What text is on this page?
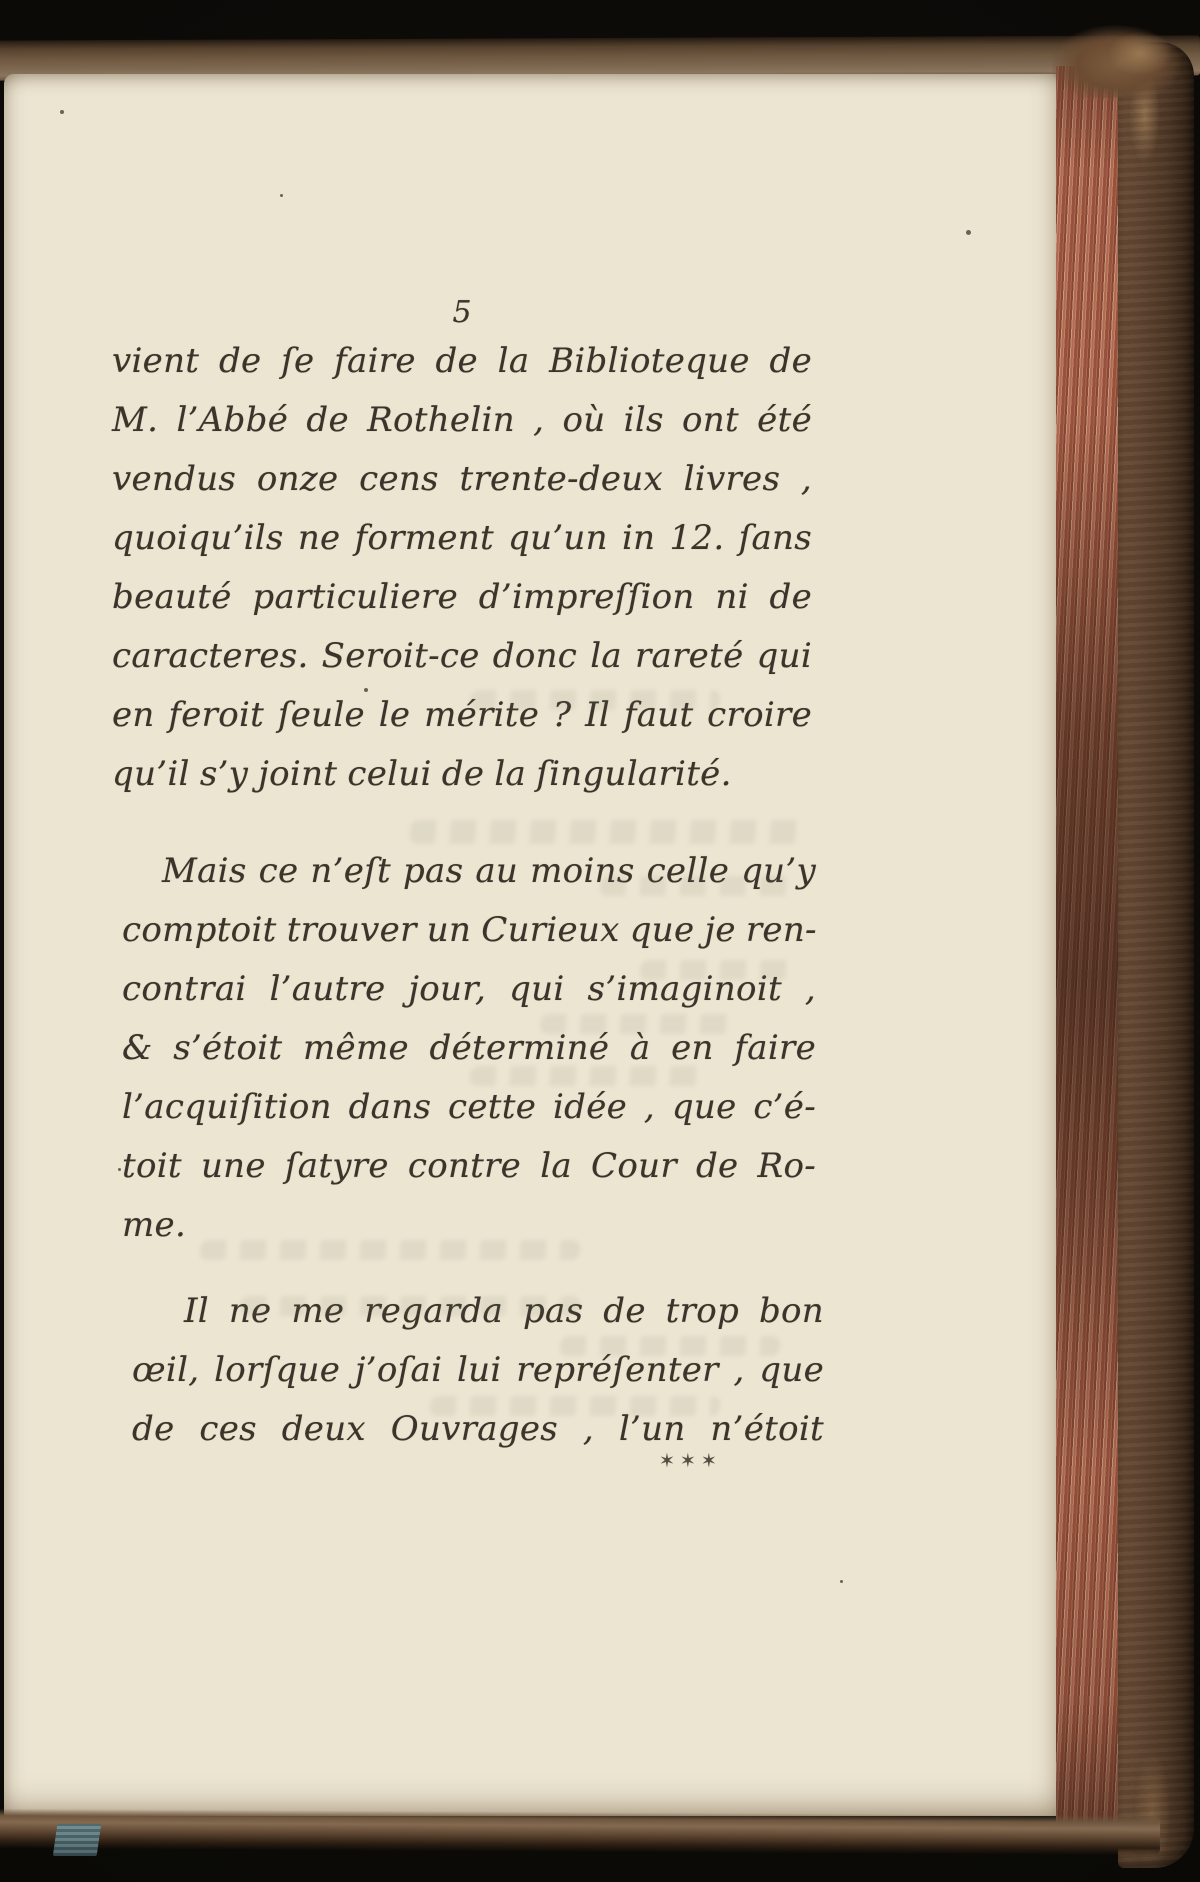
5
vient de ſe faire de la Biblioteque de
M. l’Abbé de Rothelin , où ils ont été
vendus onze cens trente-deux livres ,
quoiqu’ils ne forment qu’un in 12. ſans
beauté particuliere d’impreſſion ni de
caracteres. Seroit-ce donc la rareté qui
en feroit ſeule le mérite ? Il faut croire
qu’il s’y joint celui de la ſingularité.
Mais ce n’eſt pas au moins celle qu’y
comptoit trouver un Curieux que je ren-
contrai l’autre jour, qui s’imaginoit ,
& s’étoit même déterminé à en faire
l’acquiſition dans cette idée , que c’é-
toit une ſatyre contre la Cour de Ro-
me.
Il ne me regarda pas de trop bon
œil, lorſque j’oſai lui repréſenter , que
de ces deux Ouvrages , l’un n’étoit
✶✶✶
